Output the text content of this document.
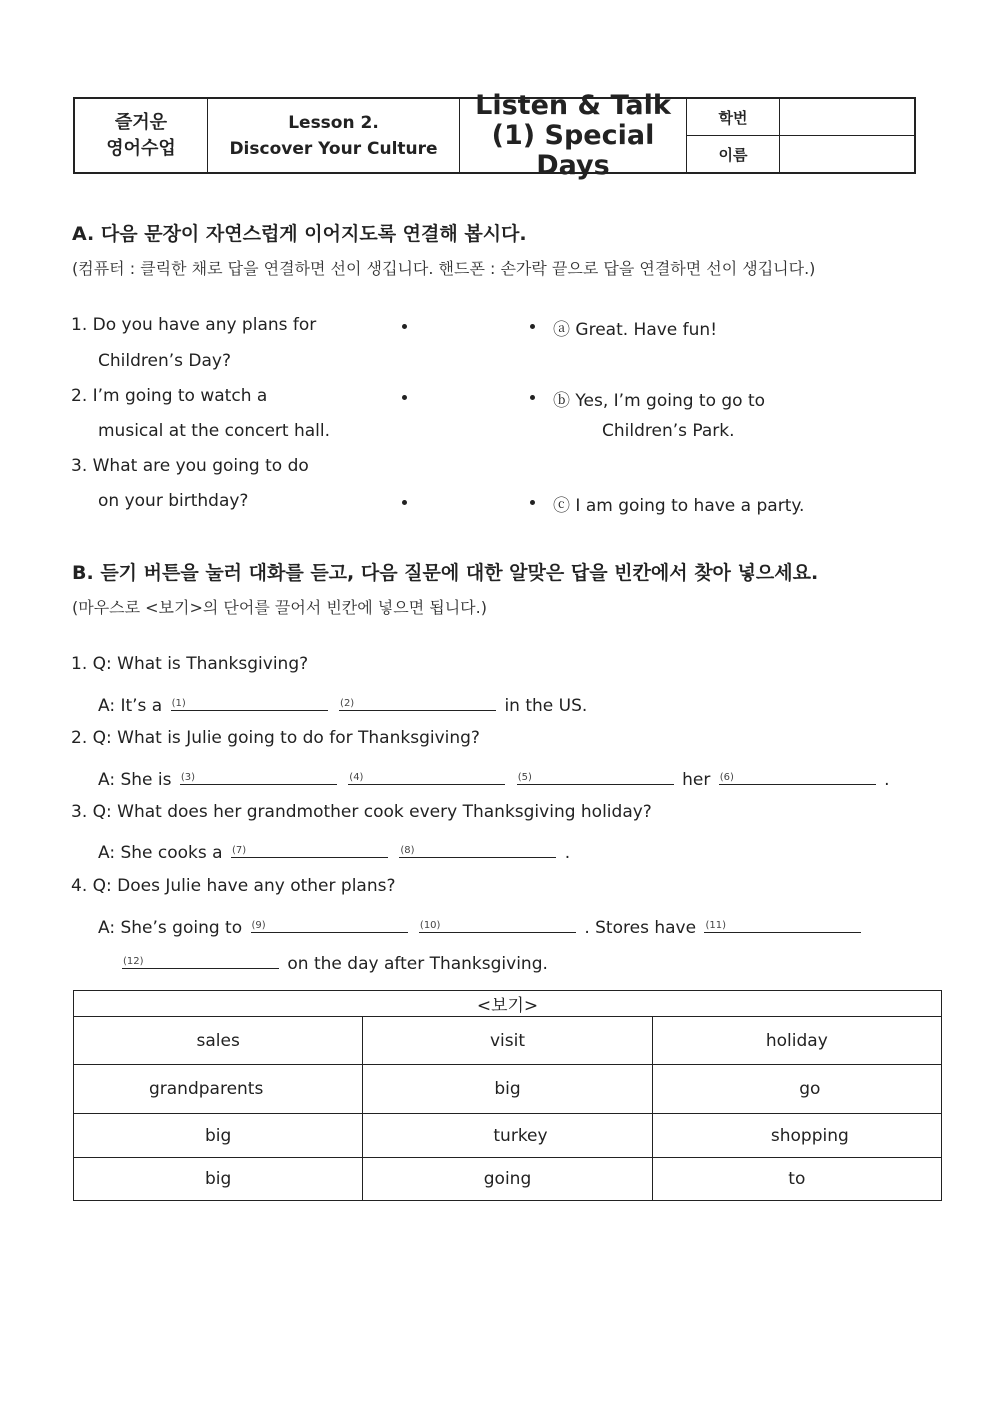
즐거운
영어수업
Lesson 2.
Discover Your Culture
Listen & Talk
(1) Special Days
학번
이름
A. 다음 문장이 자연스럽게 이어지도록 연결해 봅시다.
(컴퓨터 : 클릭한 채로 답을 연결하면 선이 생깁니다. 핸드폰 : 손가락 끝으로 답을 연결하면 선이 생깁니다.)
1. Do you have any plans for
Children’s Day?
2. I’m going to watch a
musical at the concert hall.
3. What are you going to do
on your birthday?
ⓐ Great. Have fun!
ⓑ Yes, I’m going to go to
Children’s Park.
ⓒ I am going to have a party.
B. 듣기 버튼을 눌러 대화를 듣고, 다음 질문에 대한 알맞은 답을 빈칸에서 찾아 넣으세요.
(마우스로 <보기>의 단어를 끌어서 빈칸에 넣으면 됩니다.)
1. Q: What is Thanksgiving?
A: It’s a (1)
	(2)	in the US.
2. Q: What is Julie going to do for Thanksgiving?
A: She is (3)
	(4)
	(5)	her (6)	.
3. Q: What does her grandmother cook every Thanksgiving holiday?
A: She cooks a (7)
	(8)	.
4. Q: Does Julie have any other plans?
A: She’s going to (9)
	(10)	. Stores have (11)
(12)	on the day after Thanksgiving.
<보기>		
sales	visit	holiday
grandparents	big	go
big	turkey	shopping
big	going	to
